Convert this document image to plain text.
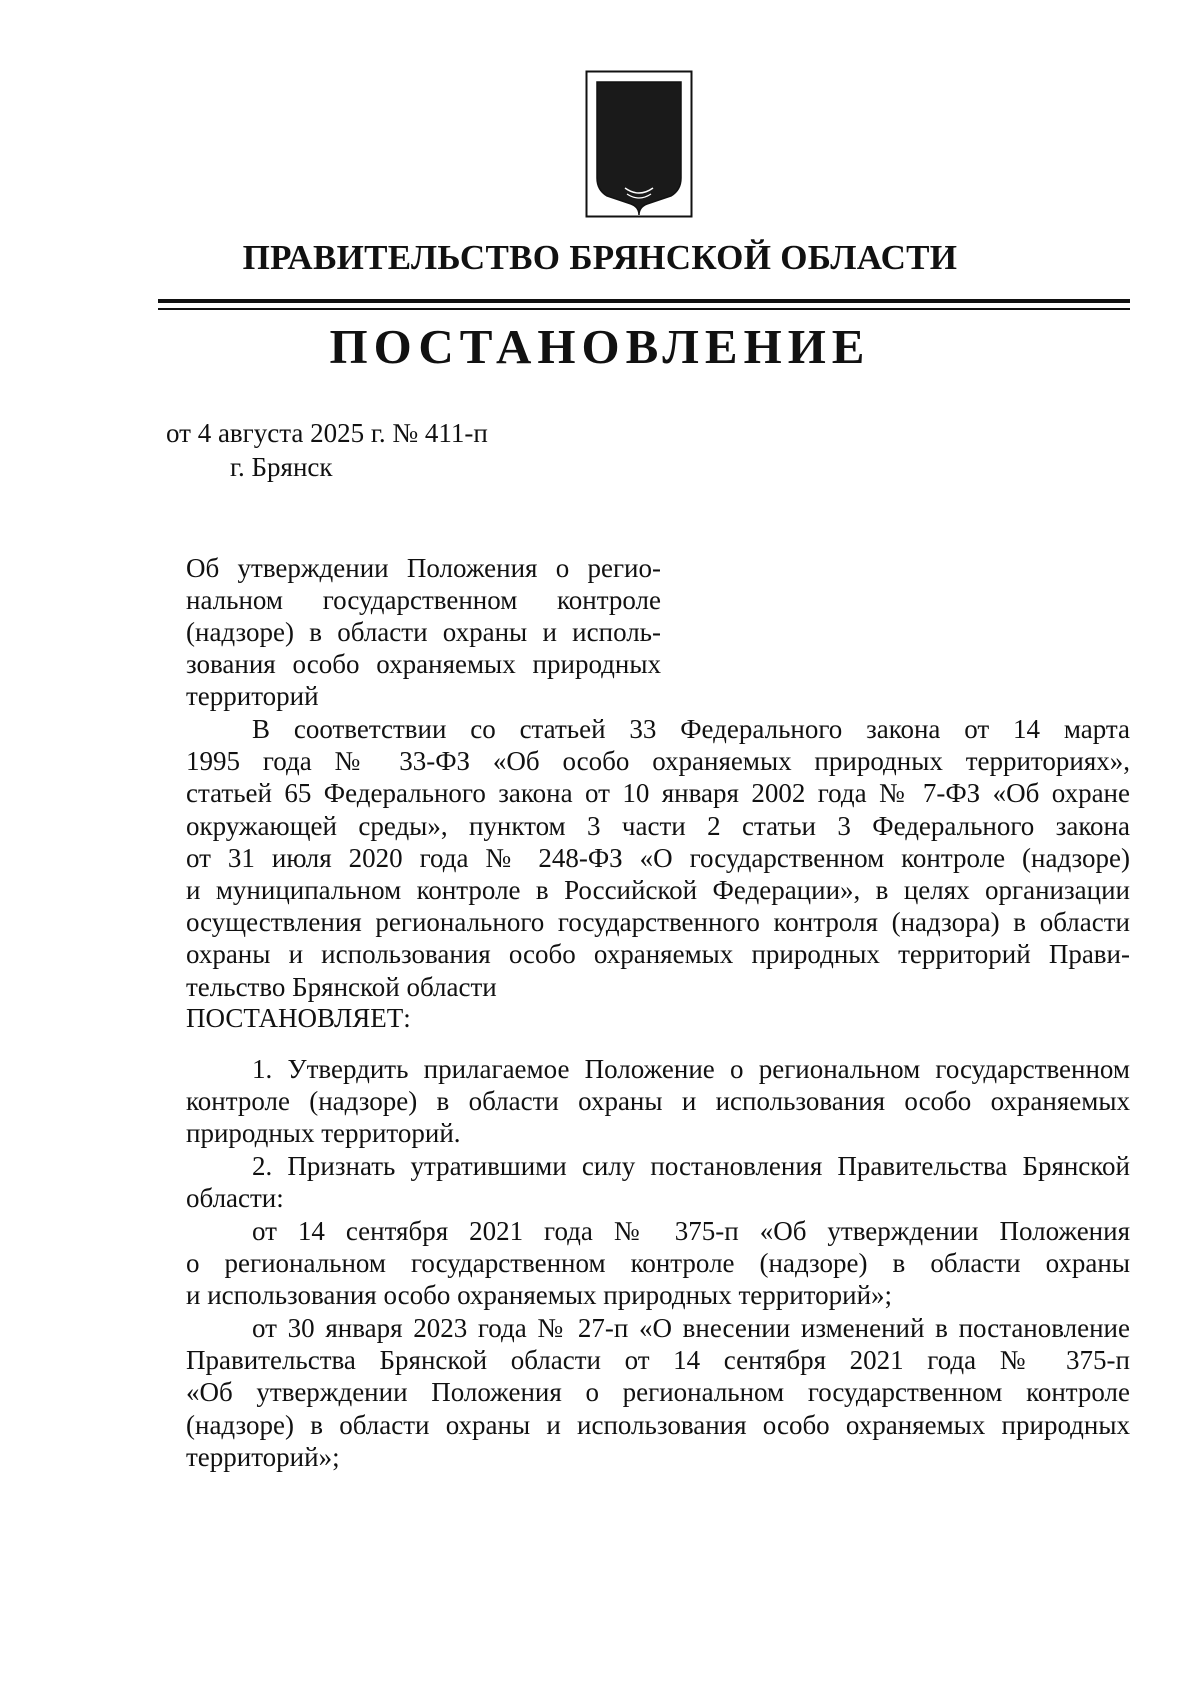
ПРАВИТЕЛЬСТВО БРЯНСКОЙ ОБЛАСТИ
ПОСТАНОВЛЕНИЕ
от 4 августа 2025 г. № 411-п
г. Брянск
Об утверждении Положения о регио-
нальном государственном контроле
(надзоре) в области охраны и исполь-
зования особо охраняемых природных
территорий
В соответствии со статьей 33 Федерального закона от 14 марта
1995 года № 33-ФЗ «Об особо охраняемых природных территориях»,
статьей 65 Федерального закона от 10 января 2002 года № 7-ФЗ «Об охране
окружающей среды», пунктом 3 части 2 статьи 3 Федерального закона
от 31 июля 2020 года № 248-ФЗ «О государственном контроле (надзоре)
и муниципальном контроле в Российской Федерации», в целях организации
осуществления регионального государственного контроля (надзора) в области
охраны и использования особо охраняемых природных территорий Прави-
тельство Брянской области
ПОСТАНОВЛЯЕТ:
1. Утвердить прилагаемое Положение о региональном государственном
контроле (надзоре) в области охраны и использования особо охраняемых
природных территорий.
2. Признать утратившими силу постановления Правительства Брянской
области:
от 14 сентября 2021 года № 375-п «Об утверждении Положения
о региональном государственном контроле (надзоре) в области охраны
и использования особо охраняемых природных территорий»;
от 30 января 2023 года № 27-п «О внесении изменений в постановление
Правительства Брянской области от 14 сентября 2021 года № 375-п
«Об утверждении Положения о региональном государственном контроле
(надзоре) в области охраны и использования особо охраняемых природных
территорий»;
